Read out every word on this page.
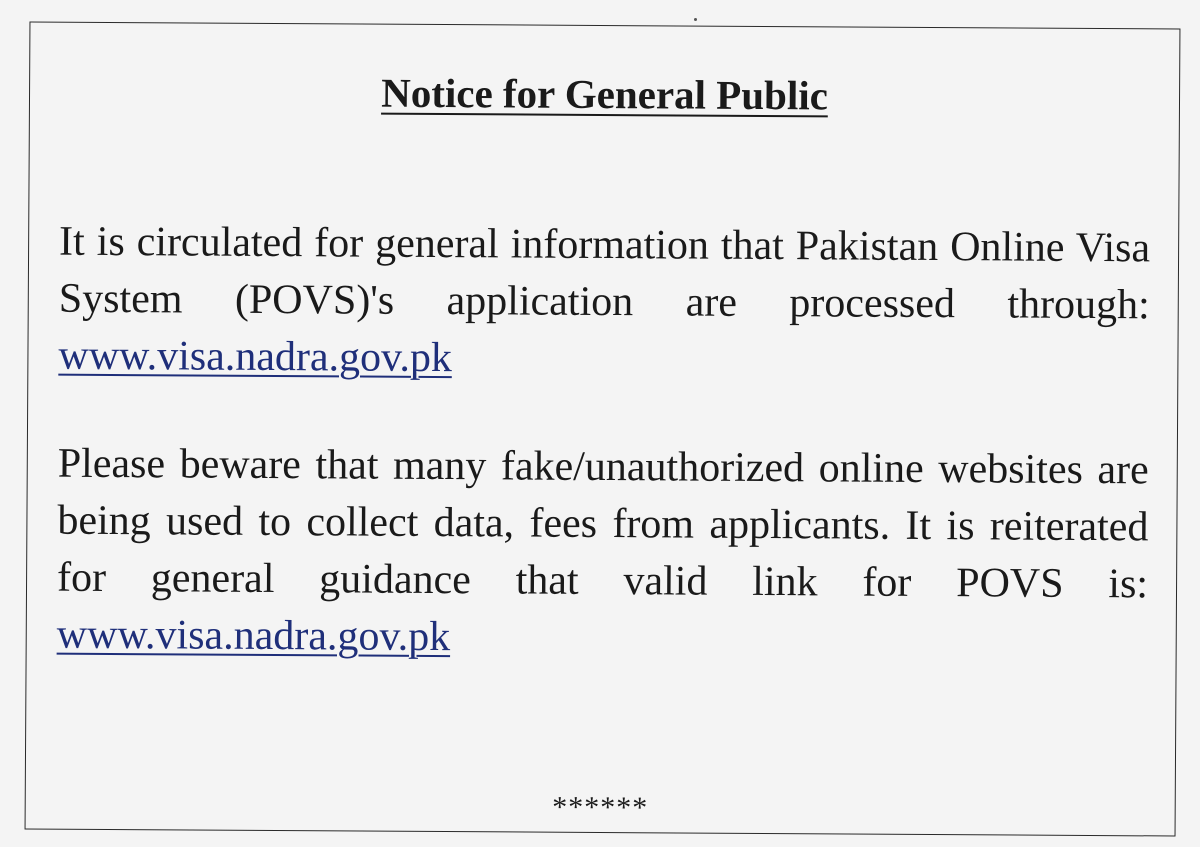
Notice for General Public

It is circulated for general information that Pakistan Online Visa System (POVS)'s application are processed through: www.visa.nadra.gov.pk

Please beware that many fake/unauthorized online websites are being used to collect data, fees from applicants. It is reiterated for general guidance that valid link for POVS is: www.visa.nadra.gov.pk

******
